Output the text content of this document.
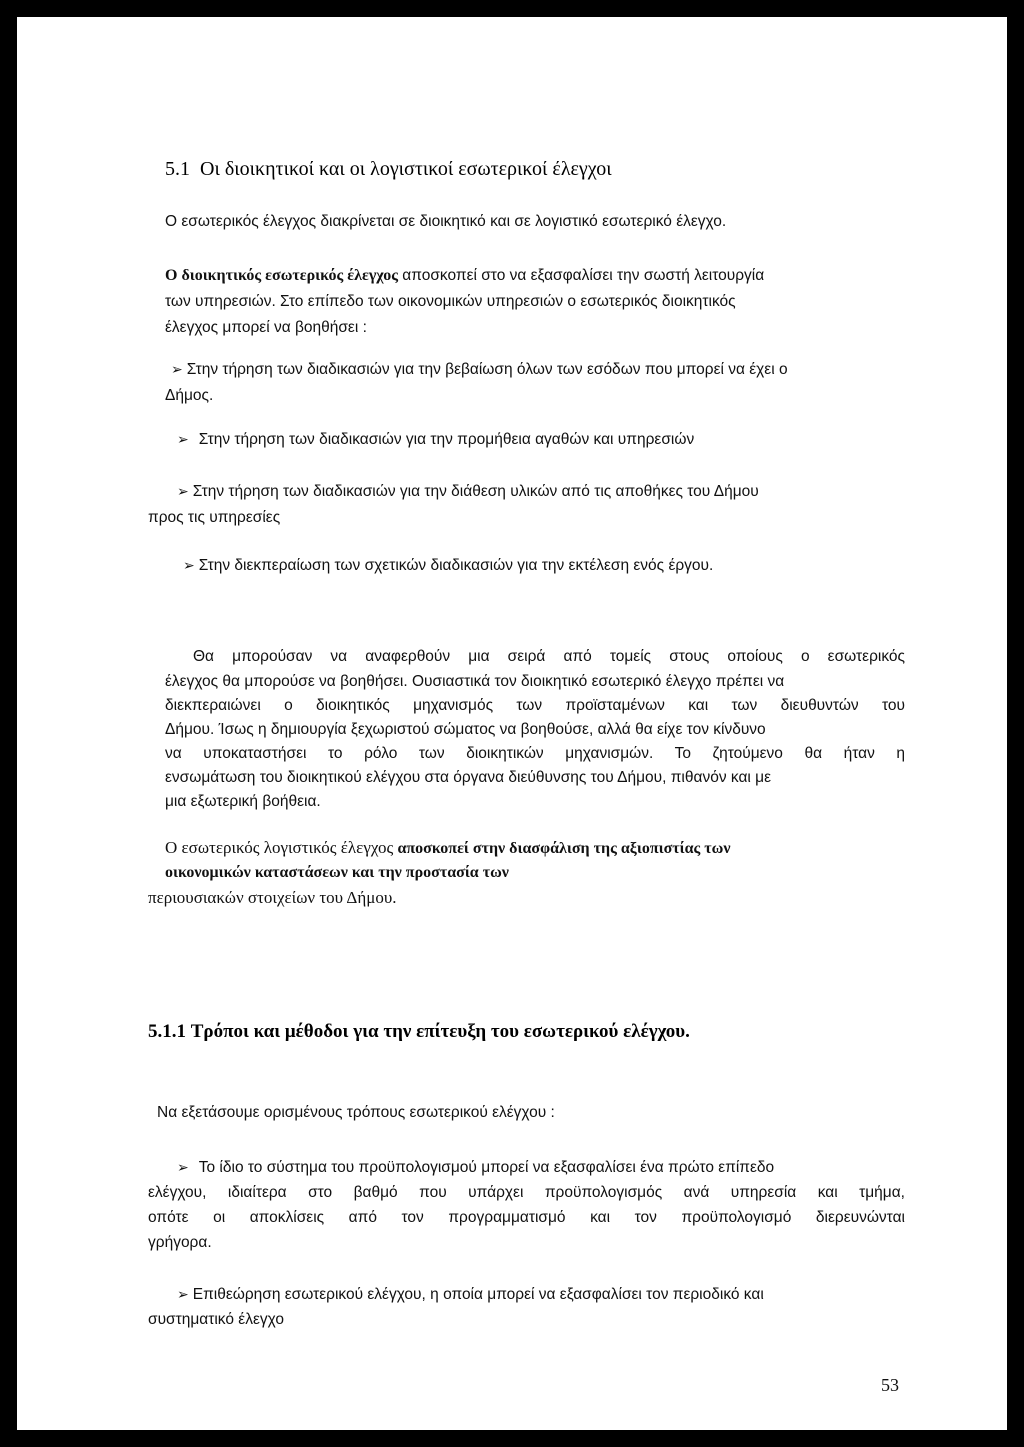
5.1 Οι διοικητικοί και οι λογιστικοί εσωτερικοί έλεγχοι
Ο εσωτερικός έλεγχος διακρίνεται σε διοικητικό και σε λογιστικό εσωτερικό έλεγχο.
Ο διοικητικός εσωτερικός έλεγχος αποσκοπεί στο να εξασφαλίσει την σωστή λειτουργία
των υπηρεσιών. Στο επίπεδο των οικονομικών υπηρεσιών ο εσωτερικός διοικητικός
έλεγχος μπορεί να βοηθήσει :
➢ Στην τήρηση των διαδικασιών για την βεβαίωση όλων των εσόδων που μπορεί να έχει ο
Δήμος.
➢ Στην τήρηση των διαδικασιών για την προμήθεια αγαθών και υπηρεσιών
➢ Στην τήρηση των διαδικασιών για την διάθεση υλικών από τις αποθήκες του Δήμου
προς τις υπηρεσίες
➢ Στην διεκπεραίωση των σχετικών διαδικασιών για την εκτέλεση ενός έργου.
Θα μπορούσαν να αναφερθούν μια σειρά από τομείς στους οποίους ο εσωτερικός
έλεγχος θα μπορούσε να βοηθήσει. Ουσιαστικά τον διοικητικό εσωτερικό έλεγχο πρέπει να
διεκπεραιώνει ο διοικητικός μηχανισμός των προϊσταμένων και των διευθυντών του
Δήμου. Ίσως η δημιουργία ξεχωριστού σώματος να βοηθούσε, αλλά θα είχε τον κίνδυνο
να υποκαταστήσει το ρόλο των διοικητικών μηχανισμών. Το ζητούμενο θα ήταν η
ενσωμάτωση του διοικητικού ελέγχου στα όργανα διεύθυνσης του Δήμου, πιθανόν και με
μια εξωτερική βοήθεια.
Ο εσωτερικός λογιστικός έλεγχος αποσκοπεί στην διασφάλιση της αξιοπιστίας των
οικονομικών καταστάσεων και την προστασία των
περιουσιακών στοιχείων του Δήμου.
5.1.1 Τρόποι και μέθοδοι για την επίτευξη του εσωτερικού ελέγχου.
Να εξετάσουμε ορισμένους τρόπους εσωτερικού ελέγχου :
➢ Το ίδιο το σύστημα του προϋπολογισμού μπορεί να εξασφαλίσει ένα πρώτο επίπεδο
ελέγχου, ιδιαίτερα στο βαθμό που υπάρχει προϋπολογισμός ανά υπηρεσία και τμήμα,
οπότε οι αποκλίσεις από τον προγραμματισμό και τον προϋπολογισμό διερευνώνται
γρήγορα.
➢ Επιθεώρηση εσωτερικού ελέγχου, η οποία μπορεί να εξασφαλίσει τον περιοδικό και
συστηματικό έλεγχο
53
